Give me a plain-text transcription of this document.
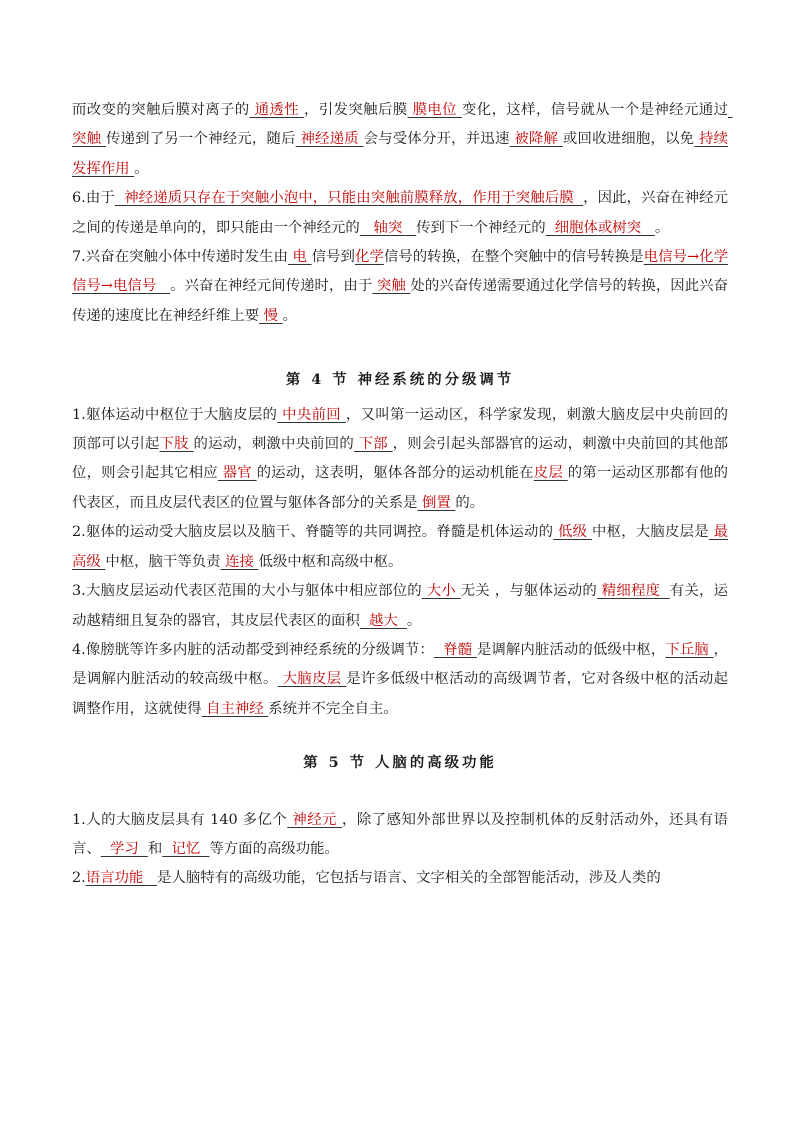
而改变的突触后膜对离子的 通透性 ，引发突触后膜 膜电位 变化，这样，信号就从一个是神经元通过 突触 传递到了另一个神经元，随后 神经递质 会与受体分开，并迅速 被降解 或回收进细胞，以免 持续发挥作用 。

6.由于  神经递质只存在于突触小泡中，只能由突触前膜释放，作用于突触后膜  ，因此，兴奋在神经元之间的传递是单向的，即只能由一个神经元的   轴突   传到下一个神经元的  细胞体或树突   。

7.兴奋在突触小体中传递时发生由 电 信号到化学信号的转换，在整个突触中的信号转换是电信号→化学信号→电信号   。兴奋在神经元间传递时，由于 突触 处的兴奋传递需要通过化学信号的转换，因此兴奋传递的速度比在神经纤维上要 慢 。

第 4 节 神经系统的分级调节

1.躯体运动中枢位于大脑皮层的 中央前回 ，又叫第一运动区，科学家发现，刺激大脑皮层中央前回的顶部可以引起下肢 的运动，刺激中央前回的 下部 ，则会引起头部器官的运动，刺激中央前回的其他部位，则会引起其它相应 器官 的运动，这表明，躯体各部分的运动机能在皮层 的第一运动区那都有他的代表区，而且皮层代表区的位置与躯体各部分的关系是 倒置 的。

2.躯体的运动受大脑皮层以及脑干、脊髓等的共同调控。脊髓是机体运动的 低级 中枢，大脑皮层是 最高级 中枢，脑干等负责 连接 低级中枢和高级中枢。

3.大脑皮层运动代表区范围的大小与躯体中相应部位的 大小 无关 ，与躯体运动的 精细程度  有关，运动越精细且复杂的器官，其皮层代表区的面积  越大  。

4.像膀胱等许多内脏的活动都受到神经系统的分级调节：  脊髓 是调解内脏活动的低级中枢，下丘脑 ，是调解内脏活动的较高级中枢。 大脑皮层 是许多低级中枢活动的高级调节者，它对各级中枢的活动起调整作用，这就使得 自主神经 系统并不完全自主。

第 5 节 人脑的高级功能

1.人的大脑皮层具有 140 多亿个 神经元 ，除了感知外部世界以及控制机体的反射活动外，还具有语言、  学习  和  记忆  等方面的高级功能。

2.语言功能   是人脑特有的高级功能，它包括与语言、文字相关的全部智能活动，涉及人类的
